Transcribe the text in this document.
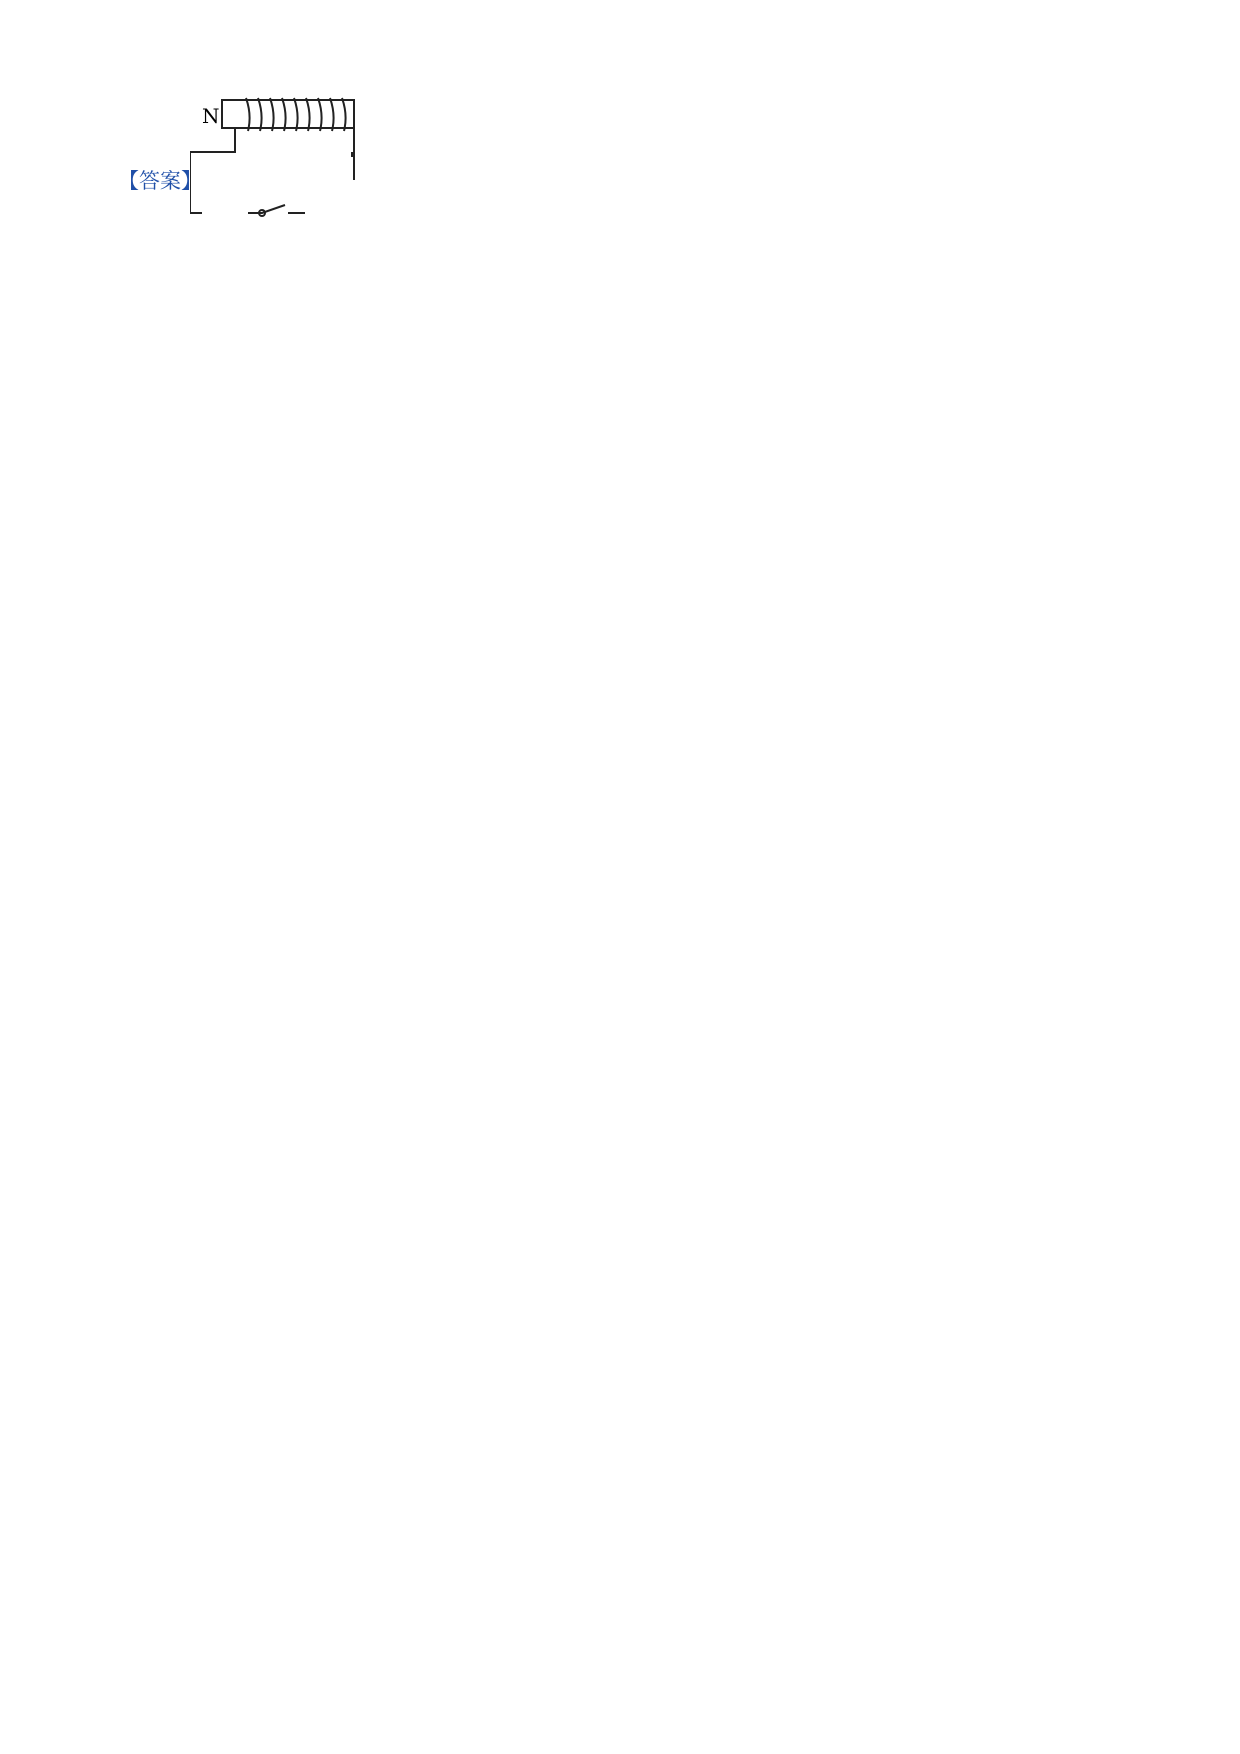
【答案】
N
